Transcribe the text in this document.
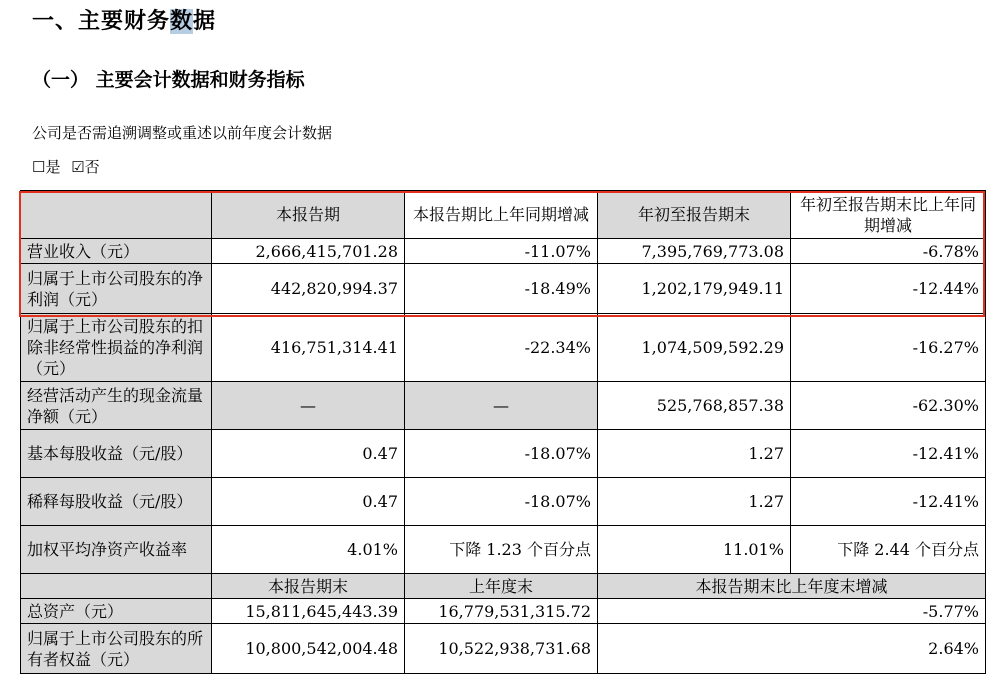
一、主要财务数据
（一） 主要会计数据和财务指标
公司是否需追溯调整或重述以前年度会计数据
☐是 ☑否
	本报告期	本报告期比上年同期增减	年初至报告期末	年初至报告期末比上年同期增减
营业收入（元）	2,666,415,701.28	-11.07%	7,395,769,773.08	-6.78%
归属于上市公司股东的净利润（元）	442,820,994.37	-18.49%	1,202,179,949.11	-12.44%
归属于上市公司股东的扣除非经常性损益的净利润（元）	416,751,314.41	-22.34%	1,074,509,592.29	-16.27%
经营活动产生的现金流量净额（元）	—	—	525,768,857.38	-62.30%
基本每股收益（元/股）	0.47	-18.07%	1.27	-12.41%
稀释每股收益（元/股）	0.47	-18.07%	1.27	-12.41%
加权平均净资产收益率	4.01%	下降 1.23 个百分点	11.01%	下降 2.44 个百分点
	本报告期末	上年度末	本报告期末比上年度末增减	
总资产（元）	15,811,645,443.39	16,779,531,315.72	-5.77%	
归属于上市公司股东的所有者权益（元）	10,800,542,004.48	10,522,938,731.68	2.64%	
